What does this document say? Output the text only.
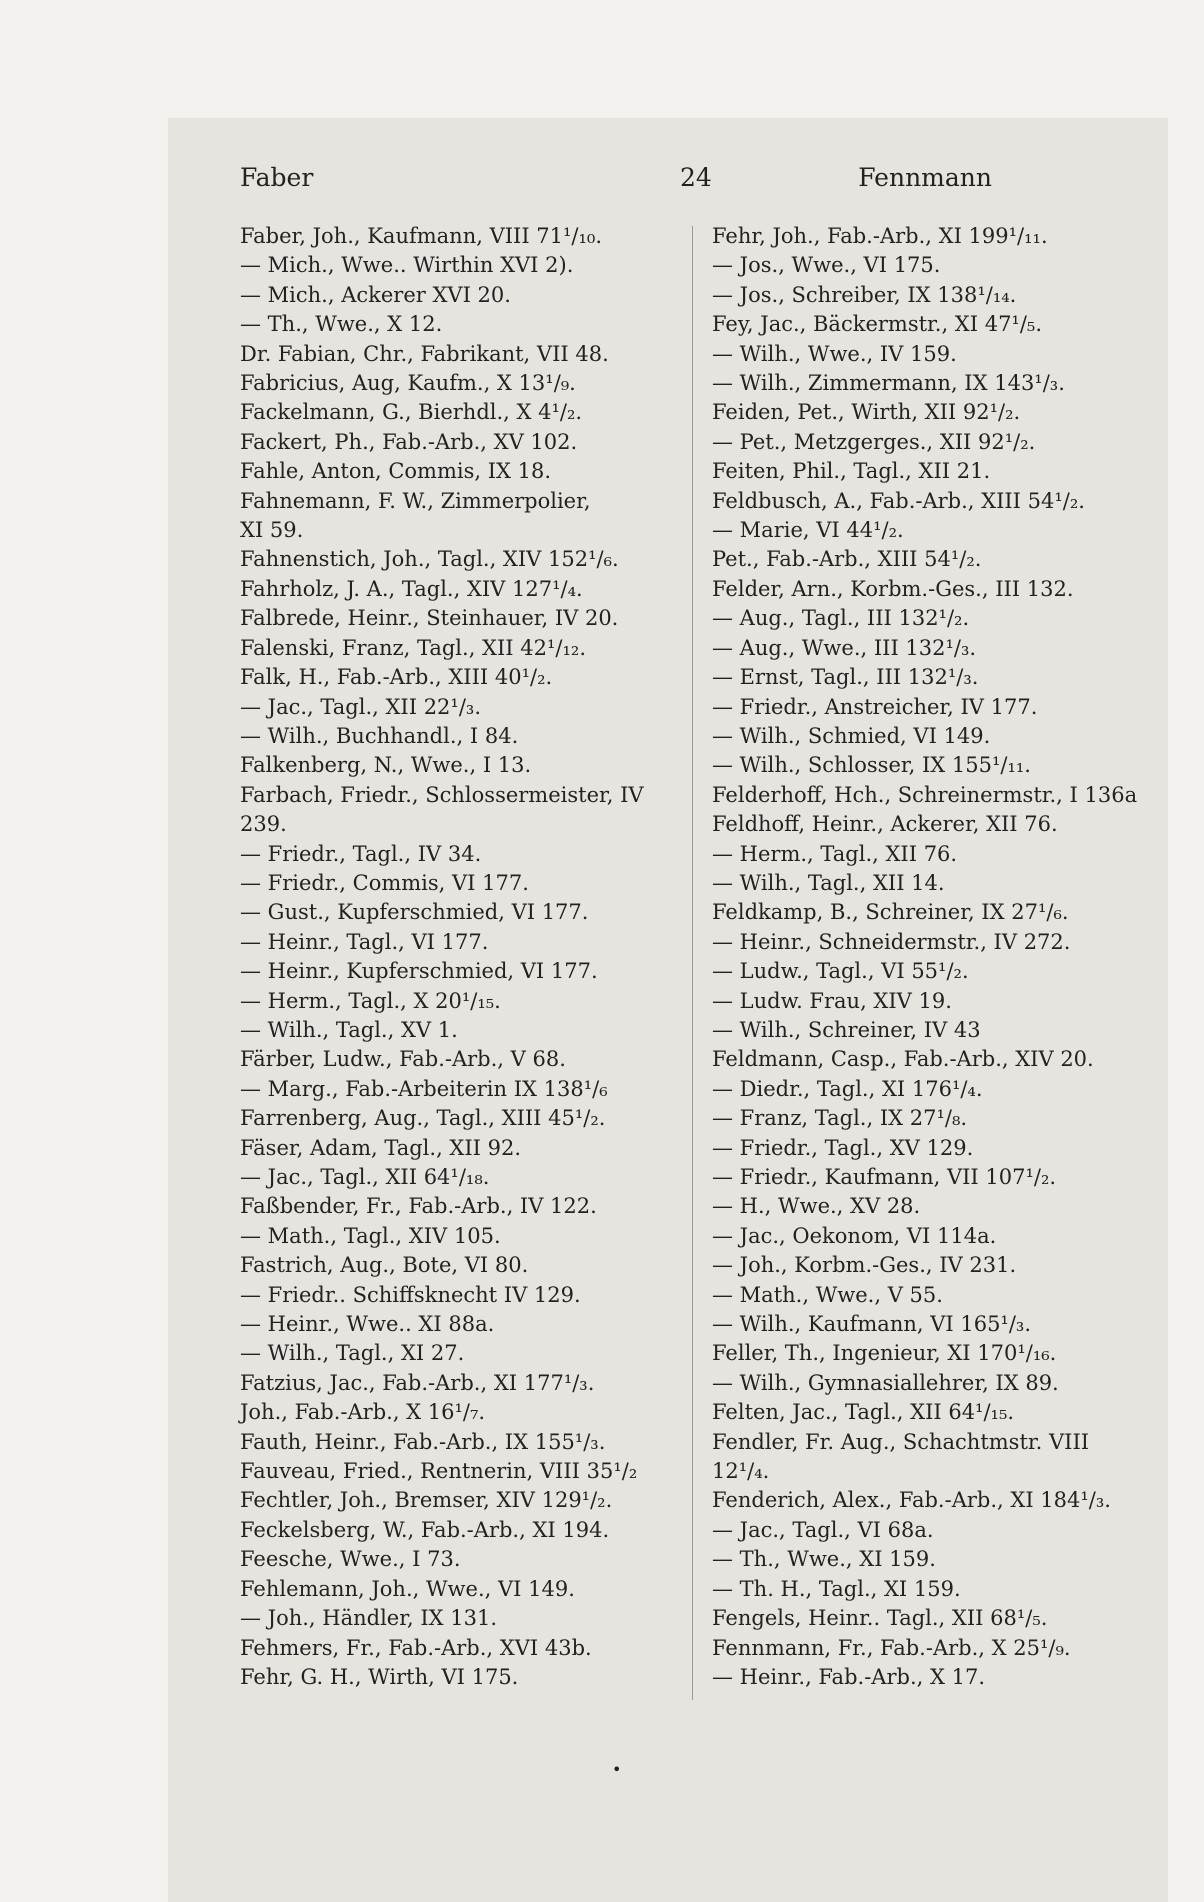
Faber	24	Fennmann
Faber, Joh., Kaufmann, VIII 71¹/₁₀.
— Mich., Wwe.. Wirthin XVI 2).
— Mich., Ackerer XVI 20.
— Th., Wwe., X 12.
Dr. Fabian, Chr., Fabrikant, VII 48.
Fabricius, Aug, Kaufm., X 13¹/₉.
Fackelmann, G., Bierhdl., X 4¹/₂.
Fackert, Ph., Fab.-Arb., XV 102.
Fahle, Anton, Commis, IX 18.
Fahnemann, F. W., Zimmerpolier,
XI 59.
Fahnenstich, Joh., Tagl., XIV 152¹/₆.
Fahrholz, J. A., Tagl., XIV 127¹/₄.
Falbrede, Heinr., Steinhauer, IV 20.
Falenski, Franz, Tagl., XII 42¹/₁₂.
Falk, H., Fab.-Arb., XIII 40¹/₂.
— Jac., Tagl., XII 22¹/₃.
— Wilh., Buchhandl., I 84.
Falkenberg, N., Wwe., I 13.
Farbach, Friedr., Schlossermeister, IV
239.
— Friedr., Tagl., IV 34.
— Friedr., Commis, VI 177.
— Gust., Kupferschmied, VI 177.
— Heinr., Tagl., VI 177.
— Heinr., Kupferschmied, VI 177.
— Herm., Tagl., X 20¹/₁₅.
— Wilh., Tagl., XV 1.
Färber, Ludw., Fab.-Arb., V 68.
— Marg., Fab.-Arbeiterin IX 138¹/₆
Farrenberg, Aug., Tagl., XIII 45¹/₂.
Fäser, Adam, Tagl., XII 92.
— Jac., Tagl., XII 64¹/₁₈.
Faßbender, Fr., Fab.-Arb., IV 122.
— Math., Tagl., XIV 105.
Fastrich, Aug., Bote, VI 80.
— Friedr.. Schiffsknecht IV 129.
— Heinr., Wwe.. XI 88a.
— Wilh., Tagl., XI 27.
Fatzius, Jac., Fab.-Arb., XI 177¹/₃.
Joh., Fab.-Arb., X 16¹/₇.
Fauth, Heinr., Fab.-Arb., IX 155¹/₃.
Fauveau, Fried., Rentnerin, VIII 35¹/₂
Fechtler, Joh., Bremser, XIV 129¹/₂.
Feckelsberg, W., Fab.-Arb., XI 194.
Feesche, Wwe., I 73.
Fehlemann, Joh., Wwe., VI 149.
— Joh., Händler, IX 131.
Fehmers, Fr., Fab.-Arb., XVI 43b.
Fehr, G. H., Wirth, VI 175.
Fehr, Joh., Fab.-Arb., XI 199¹/₁₁.
— Jos., Wwe., VI 175.
— Jos., Schreiber, IX 138¹/₁₄.
Fey, Jac., Bäckermstr., XI 47¹/₅.
— Wilh., Wwe., IV 159.
— Wilh., Zimmermann, IX 143¹/₃.
Feiden, Pet., Wirth, XII 92¹/₂.
— Pet., Metzgerges., XII 92¹/₂.
Feiten, Phil., Tagl., XII 21.
Feldbusch, A., Fab.-Arb., XIII 54¹/₂.
— Marie, VI 44¹/₂.
Pet., Fab.-Arb., XIII 54¹/₂.
Felder, Arn., Korbm.-Ges., III 132.
— Aug., Tagl., III 132¹/₂.
— Aug., Wwe., III 132¹/₃.
— Ernst, Tagl., III 132¹/₃.
— Friedr., Anstreicher, IV 177.
— Wilh., Schmied, VI 149.
— Wilh., Schlosser, IX 155¹/₁₁.
Felderhoff, Hch., Schreinermstr., I 136a
Feldhoff, Heinr., Ackerer, XII 76.
— Herm., Tagl., XII 76.
— Wilh., Tagl., XII 14.
Feldkamp, B., Schreiner, IX 27¹/₆.
— Heinr., Schneidermstr., IV 272.
— Ludw., Tagl., VI 55¹/₂.
— Ludw. Frau, XIV 19.
— Wilh., Schreiner, IV 43
Feldmann, Casp., Fab.-Arb., XIV 20.
— Diedr., Tagl., XI 176¹/₄.
— Franz, Tagl., IX 27¹/₈.
— Friedr., Tagl., XV 129.
— Friedr., Kaufmann, VII 107¹/₂.
— H., Wwe., XV 28.
— Jac., Oekonom, VI 114a.
— Joh., Korbm.-Ges., IV 231.
— Math., Wwe., V 55.
— Wilh., Kaufmann, VI 165¹/₃.
Feller, Th., Ingenieur, XI 170¹/₁₆.
— Wilh., Gymnasiallehrer, IX 89.
Felten, Jac., Tagl., XII 64¹/₁₅.
Fendler, Fr. Aug., Schachtmstr. VIII
12¹/₄.
Fenderich, Alex., Fab.-Arb., XI 184¹/₃.
— Jac., Tagl., VI 68a.
— Th., Wwe., XI 159.
— Th. H., Tagl., XI 159.
Fengels, Heinr.. Tagl., XII 68¹/₅.
Fennmann, Fr., Fab.-Arb., X 25¹/₉.
— Heinr., Fab.-Arb., X 17.
•
